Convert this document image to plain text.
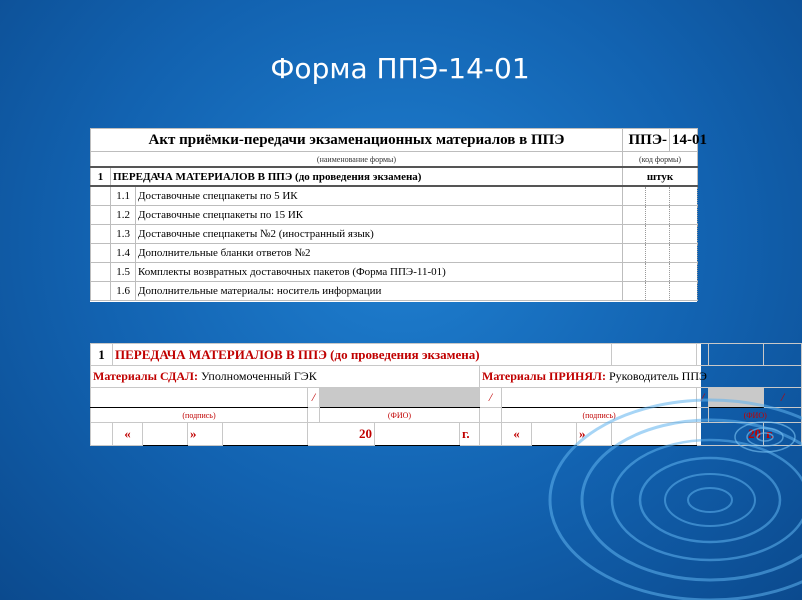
Форма ППЭ-14-01
Акт приёмки-передачи экзаменационных материалов в ППЭ			ППЭ-		14-01
(наименование формы)			(код формы)		
1	ПЕРЕДАЧА МАТЕРИАЛОВ В ППЭ (до проведения экзамена)		штук		
	1.1	Доставочные спецпакеты по 5 ИК			
	1.2	Доставочные спецпакеты по 15 ИК			
	1.3	Доставочные спецпакеты №2 (иностранный язык)			
	1.4	Дополнительные бланки ответов №2			
	1.5	Комплекты возвратных доставочных пакетов (Форма ППЭ-11-01)			
	1.6	Дополнительные материалы: носитель информации			
1	ПЕРЕДАЧА МАТЕРИАЛОВ В ППЭ (до проведения экзамена)															
Материалы СДАЛ: Уполномоченный ГЭК									Материалы ПРИНЯЛ: Руководитель ППЭ							
					/				/					/		/
(подпись)						(ФИО)				(подпись)					(ФИО)	
	«		»		20			г.		«		»		20		г.
